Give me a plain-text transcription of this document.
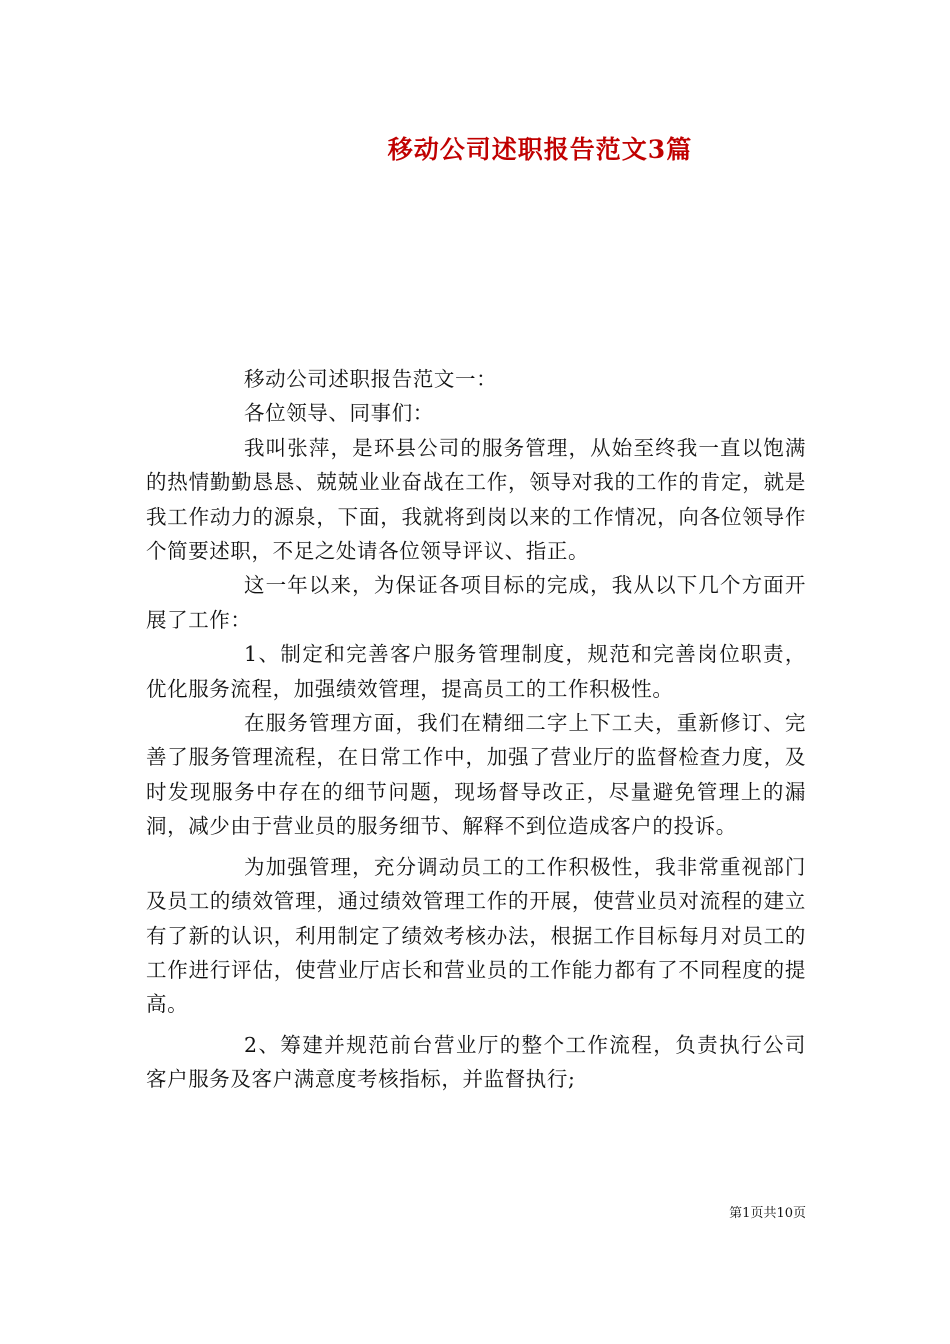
移动公司述职报告范文3篇

移动公司述职报告范文一：

各位领导、同事们：

我叫张萍，是环县公司的服务管理，从始至终我一直以饱满的热情勤勤恳恳、兢兢业业奋战在工作，领导对我的工作的肯定，就是我工作动力的源泉，下面，我就将到岗以来的工作情况，向各位领导作个简要述职，不足之处请各位领导评议、指正。

这一年以来，为保证各项目标的完成，我从以下几个方面开展了工作：

1、制定和完善客户服务管理制度，规范和完善岗位职责，优化服务流程，加强绩效管理，提高员工的工作积极性。

在服务管理方面，我们在精细二字上下工夫，重新修订、完善了服务管理流程，在日常工作中，加强了营业厅的监督检查力度，及时发现服务中存在的细节问题，现场督导改正，尽量避免管理上的漏洞，减少由于营业员的服务细节、解释不到位造成客户的投诉。

为加强管理，充分调动员工的工作积极性，我非常重视部门及员工的绩效管理，通过绩效管理工作的开展，使营业员对流程的建立有了新的认识，利用制定了绩效考核办法，根据工作目标每月对员工的工作进行评估，使营业厅店长和营业员的工作能力都有了不同程度的提高。

2、筹建并规范前台营业厅的整个工作流程，负责执行公司客户服务及客户满意度考核指标，并监督执行;

第1页共10页
